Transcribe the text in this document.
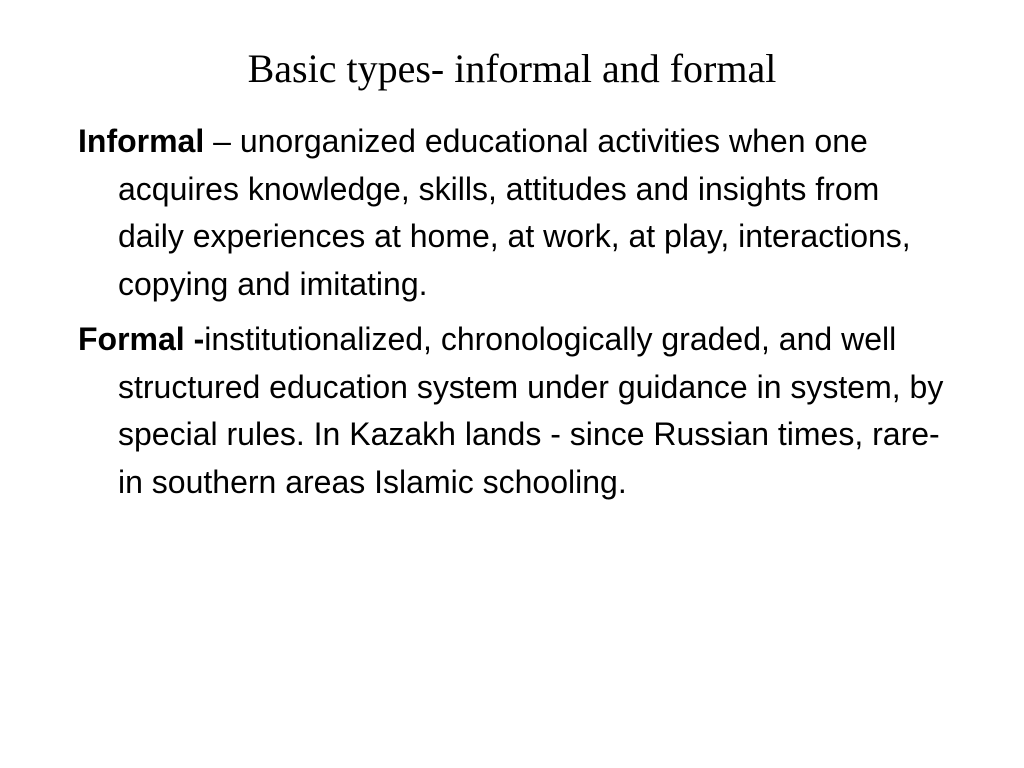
Basic types- informal and formal

Informal – unorganized educational activities when one acquires knowledge, skills, attitudes and insights from daily experiences at home, at work, at play, interactions, copying and imitating.

Formal -institutionalized, chronologically graded, and well structured education system under guidance in system, by special rules. In Kazakh lands - since Russian times, rare- in southern areas Islamic schooling.
